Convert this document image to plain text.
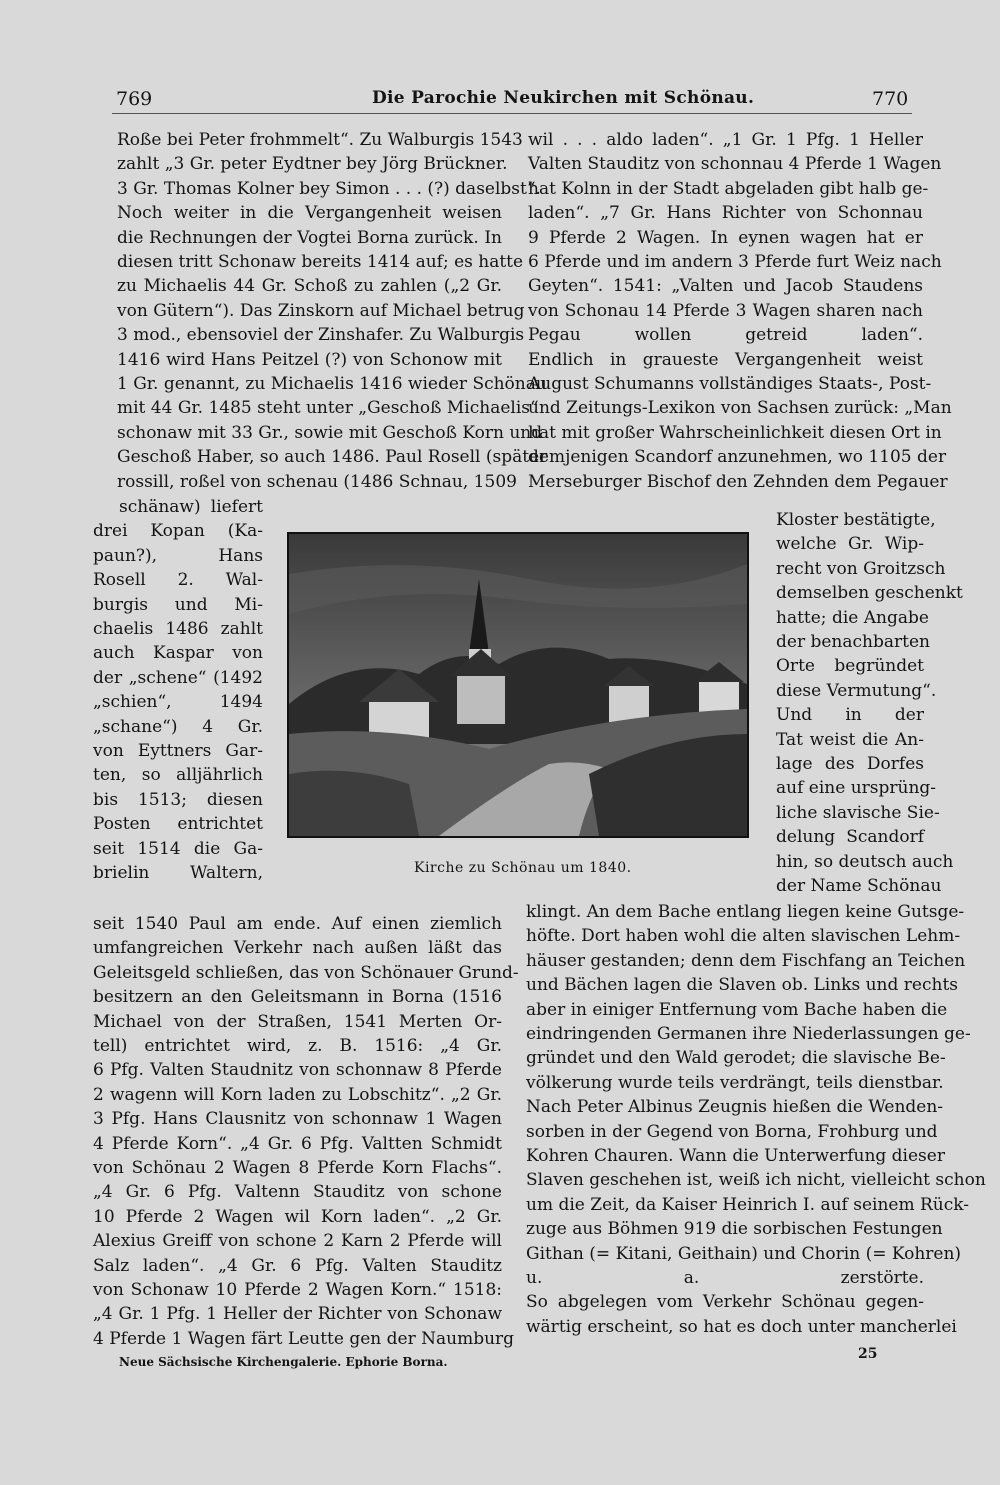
769	Die Parochie Neukirchen mit Schönau.	770
Roße bei Peter frohmmelt“. Zu Walburgis 1543
zahlt „3 Gr. peter Eydtner bey Jörg Brückner.
3 Gr. Thomas Kolner bey Simon . . . (?) daselbst“.
Noch weiter in die Vergangenheit weisen
die Rechnungen der Vogtei Borna zurück. In
diesen tritt Schonaw bereits 1414 auf; es hatte
zu Michaelis 44 Gr. Schoß zu zahlen („2 Gr.
von Gütern“). Das Zinskorn auf Michael betrug
3 mod., ebensoviel der Zinshafer. Zu Walburgis
1416 wird Hans Peitzel (?) von Schonow mit
1 Gr. genannt, zu Michaelis 1416 wieder Schönau
mit 44 Gr. 1485 steht unter „Geschoß Michaelis“
schonaw mit 33 Gr., sowie mit Geschoß Korn und
Geschoß Haber, so auch 1486. Paul Rosell (später
rossill, roßel von schenau (1486 Schnau, 1509
schänaw) liefert
drei Kopan (Ka-
paun?), Hans
Rosell 2. Wal-
burgis und Mi-
chaelis 1486 zahlt
auch Kaspar von
der „schene“ (1492
„schien“, 1494
„schane“) 4 Gr.
von Eyttners Gar-
ten, so alljährlich
bis 1513; diesen
Posten entrichtet
seit 1514 die Ga-
brielin Waltern,
seit 1540 Paul am ende. Auf einen ziemlich
umfangreichen Verkehr nach außen läßt das
Geleitsgeld schließen, das von Schönauer Grund-
besitzern an den Geleitsmann in Borna (1516
Michael von der Straßen, 1541 Merten Or-
tell) entrichtet wird, z. B. 1516: „4 Gr.
6 Pfg. Valten Staudnitz von schonnaw 8 Pferde
2 wagenn will Korn laden zu Lobschitz“. „2 Gr.
3 Pfg. Hans Clausnitz von schonnaw 1 Wagen
4 Pferde Korn“. „4 Gr. 6 Pfg. Valtten Schmidt
von Schönau 2 Wagen 8 Pferde Korn Flachs“.
„4 Gr. 6 Pfg. Valtenn Stauditz von schone
10 Pferde 2 Wagen wil Korn laden“. „2 Gr.
Alexius Greiff von schone 2 Karn 2 Pferde will
Salz laden“. „4 Gr. 6 Pfg. Valten Stauditz
von Schonaw 10 Pferde 2 Wagen Korn.“ 1518:
„4 Gr. 1 Pfg. 1 Heller der Richter von Schonaw
4 Pferde 1 Wagen färt Leutte gen der Naumburg
wil . . . aldo laden“. „1 Gr. 1 Pfg. 1 Heller
Valten Stauditz von schonnau 4 Pferde 1 Wagen
hat Kolnn in der Stadt abgeladen gibt halb ge-
laden“. „7 Gr. Hans Richter von Schonnau
9 Pferde 2 Wagen. In eynen wagen hat er
6 Pferde und im andern 3 Pferde furt Weiz nach
Geyten“. 1541: „Valten und Jacob Staudens
von Schonau 14 Pferde 3 Wagen sharen nach
Pegau wollen getreid laden“.
Endlich in graueste Vergangenheit weist
August Schumanns vollständiges Staats-, Post-
und Zeitungs-Lexikon von Sachsen zurück: „Man
hat mit großer Wahrscheinlichkeit diesen Ort in
demjenigen Scandorf anzunehmen, wo 1105 der
Merseburger Bischof den Zehnden dem Pegauer
Kloster bestätigte,
welche Gr. Wip-
recht von Groitzsch
demselben geschenkt
hatte; die Angabe
der benachbarten
Orte begründet
diese Vermutung“.
Und in der
Tat weist die An-
lage des Dorfes
auf eine ursprüng-
liche slavische Sie-
delung Scandorf
hin, so deutsch auch
der Name Schönau
klingt. An dem Bache entlang liegen keine Gutsge-
höfte. Dort haben wohl die alten slavischen Lehm-
häuser gestanden; denn dem Fischfang an Teichen
und Bächen lagen die Slaven ob. Links und rechts
aber in einiger Entfernung vom Bache haben die
eindringenden Germanen ihre Niederlassungen ge-
gründet und den Wald gerodet; die slavische Be-
völkerung wurde teils verdrängt, teils dienstbar.
Nach Peter Albinus Zeugnis hießen die Wenden-
sorben in der Gegend von Borna, Frohburg und
Kohren Chauren. Wann die Unterwerfung dieser
Slaven geschehen ist, weiß ich nicht, vielleicht schon
um die Zeit, da Kaiser Heinrich I. auf seinem Rück-
zuge aus Böhmen 919 die sorbischen Festungen
Githan (= Kitani, Geithain) und Chorin (= Kohren)
u. a. zerstörte.
So abgelegen vom Verkehr Schönau gegen-
wärtig erscheint, so hat es doch unter mancherlei
Kirche zu Schönau um 1840.
Neue Sächsische Kirchengalerie. Ephorie Borna.	25
